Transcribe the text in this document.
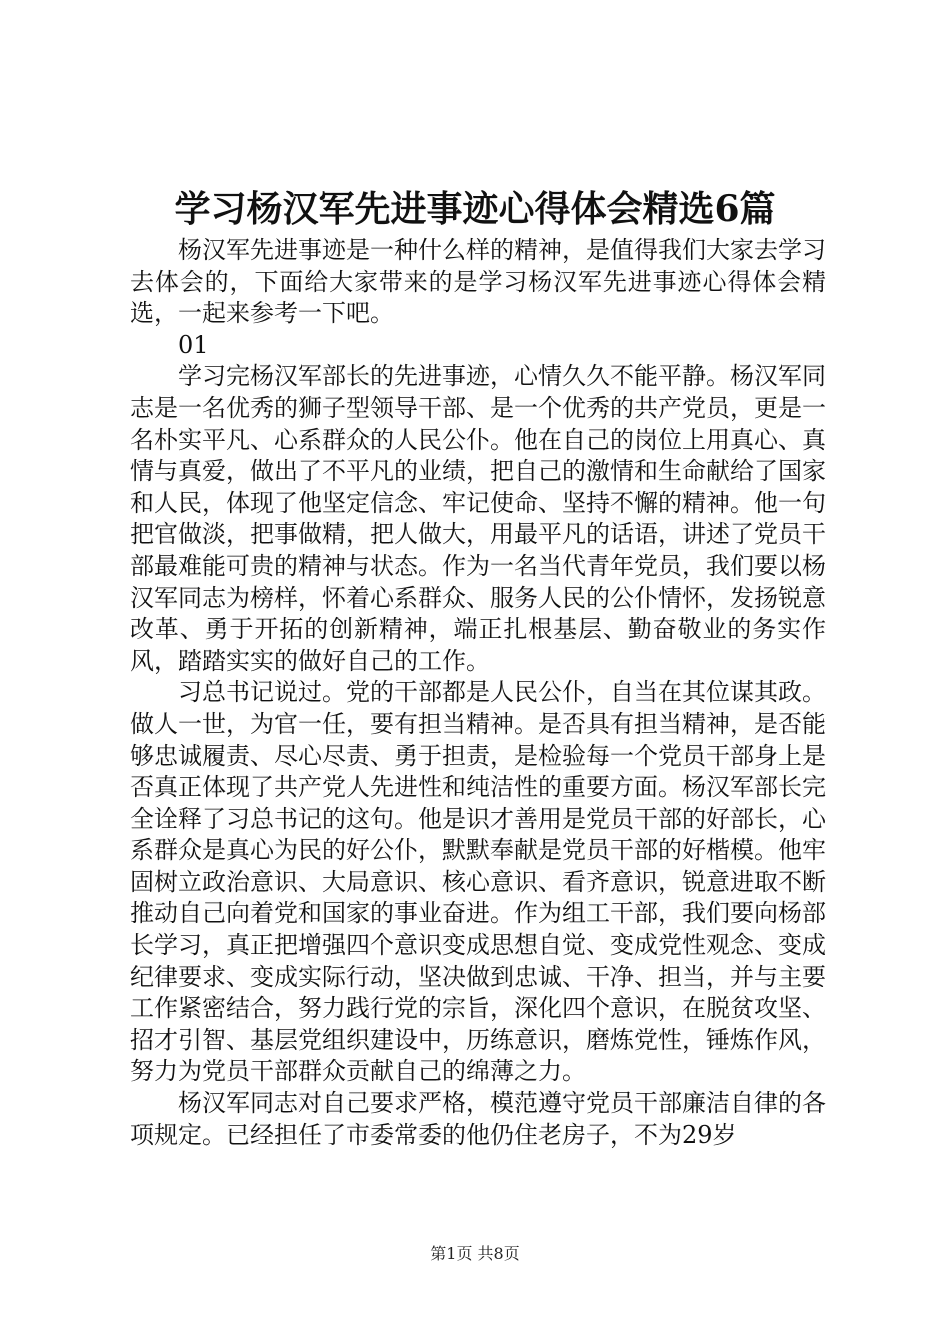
学习杨汉军先进事迹心得体会精选6篇

杨汉军先进事迹是一种什么样的精神，是值得我们大家去学习去体会的，下面给大家带来的是学习杨汉军先进事迹心得体会精选，一起来参考一下吧。

01

学习完杨汉军部长的先进事迹，心情久久不能平静。杨汉军同志是一名优秀的狮子型领导干部、是一个优秀的共产党员，更是一名朴实平凡、心系群众的人民公仆。他在自己的岗位上用真心、真情与真爱，做出了不平凡的业绩，把自己的激情和生命献给了国家和人民，体现了他坚定信念、牢记使命、坚持不懈的精神。他一句把官做淡，把事做精，把人做大，用最平凡的话语，讲述了党员干部最难能可贵的精神与状态。作为一名当代青年党员，我们要以杨汉军同志为榜样，怀着心系群众、服务人民的公仆情怀，发扬锐意改革、勇于开拓的创新精神，端正扎根基层、勤奋敬业的务实作风，踏踏实实的做好自己的工作。

习总书记说过。党的干部都是人民公仆，自当在其位谋其政。做人一世，为官一任，要有担当精神。是否具有担当精神，是否能够忠诚履责、尽心尽责、勇于担责，是检验每一个党员干部身上是否真正体现了共产党人先进性和纯洁性的重要方面。杨汉军部长完全诠释了习总书记的这句。他是识才善用是党员干部的好部长，心系群众是真心为民的好公仆，默默奉献是党员干部的好楷模。他牢固树立政治意识、大局意识、核心意识、看齐意识，锐意进取不断推动自己向着党和国家的事业奋进。作为组工干部，我们要向杨部长学习，真正把增强四个意识变成思想自觉、变成党性观念、变成纪律要求、变成实际行动，坚决做到忠诚、干净、担当，并与主要工作紧密结合，努力践行党的宗旨，深化四个意识，在脱贫攻坚、招才引智、基层党组织建设中，历练意识，磨炼党性，锤炼作风，努力为党员干部群众贡献自己的绵薄之力。

杨汉军同志对自己要求严格，模范遵守党员干部廉洁自律的各项规定。已经担任了市委常委的他仍住老房子，不为29岁

第1页 共8页
